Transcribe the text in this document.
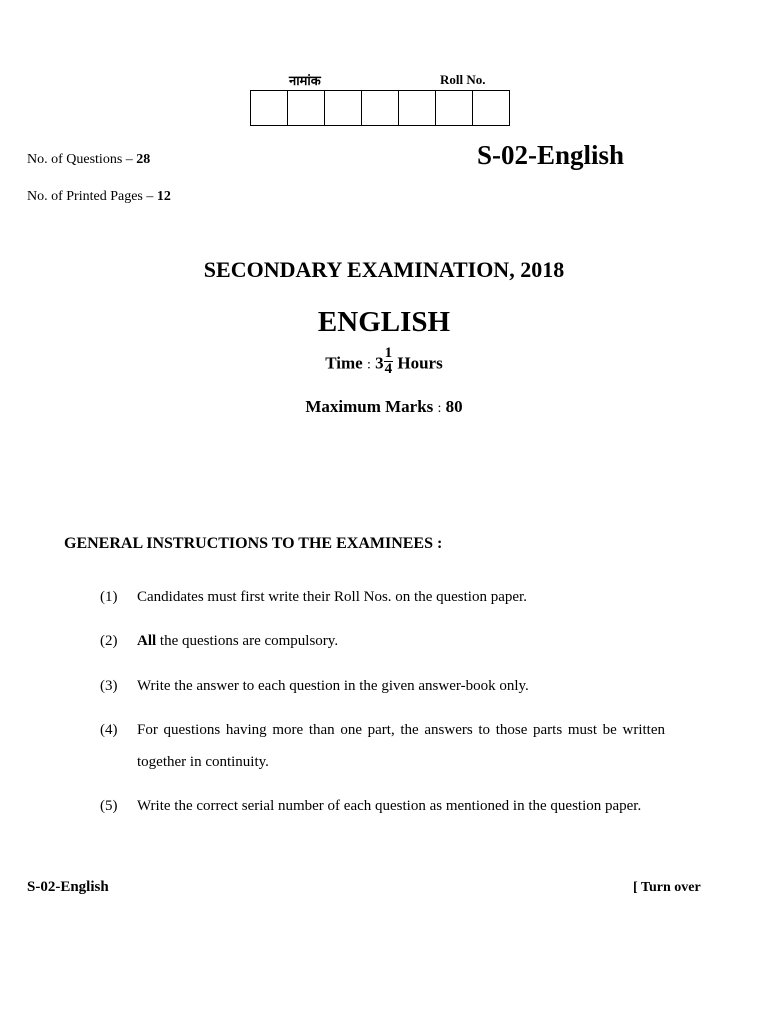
नामांक	Roll No.
No. of Questions – 28
No. of Printed Pages – 12
S-02-English
SECONDARY EXAMINATION, 2018
ENGLISH
Time : $3 \frac{1}{4}$ Hours
Maximum Marks : 80
GENERAL INSTRUCTIONS TO THE EXAMINEES :
(1) Candidates must first write their Roll Nos. on the question paper.
(2) All the questions are compulsory.
(3) Write the answer to each question in the given answer-book only.
(4) For questions having more than one part, the answers to those parts must be written together in continuity.
(5) Write the correct serial number of each question as mentioned in the question paper.
S-02-English	[ Turn over
